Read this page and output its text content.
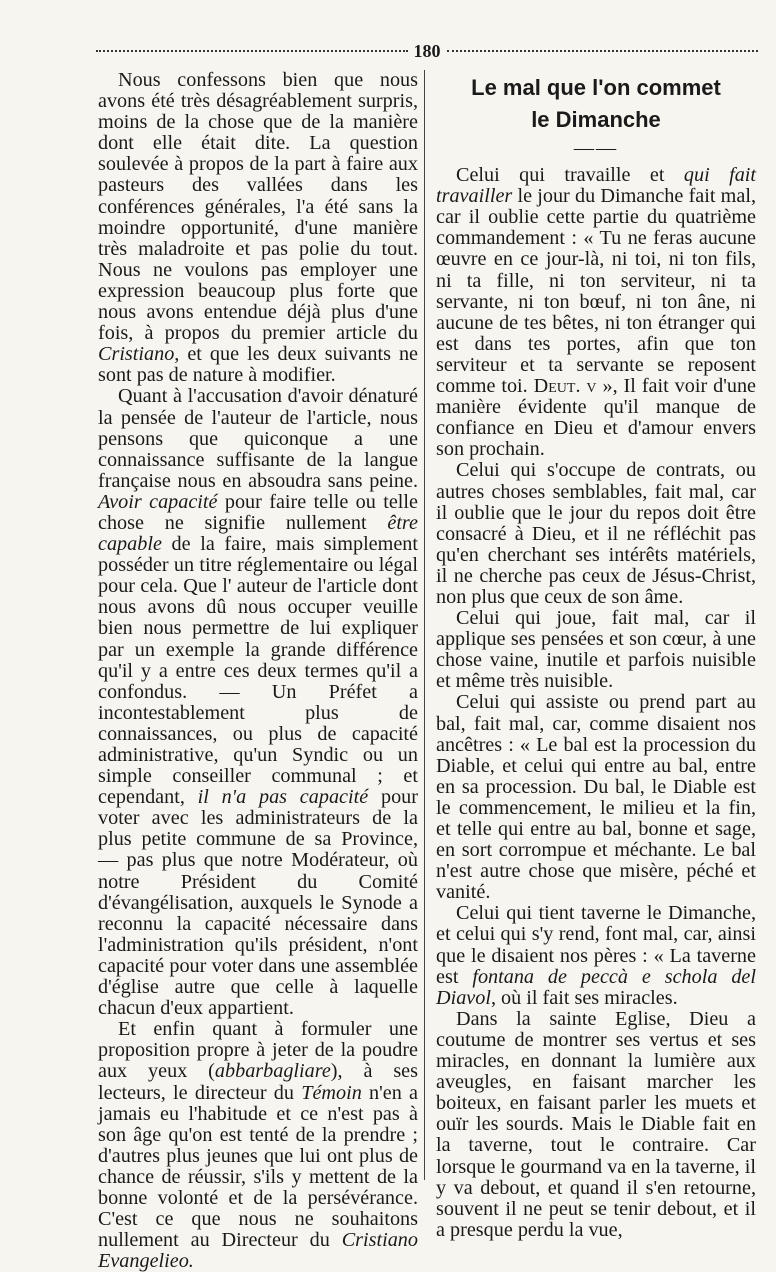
180

Nous confessons bien que nous avons été très désagréablement surpris, moins de la chose que de la manière dont elle était dite. La question soulevée à propos de la part à faire aux pasteurs des vallées dans les conférences générales, l'a été sans la moindre opportunité, d'une manière très maladroite et pas polie du tout. Nous ne voulons pas employer une expression beaucoup plus forte que nous avons entendue déjà plus d'une fois, à propos du premier article du Cristiano, et que les deux suivants ne sont pas de nature à modifier.

Quant à l'accusation d'avoir dénaturé la pensée de l'auteur de l'article, nous pensons que quiconque a une connaissance suffisante de la langue française nous en absoudra sans peine. Avoir capacité pour faire telle ou telle chose ne signifie nullement être capable de la faire, mais simplement posséder un titre réglementaire ou légal pour cela. Que l' auteur de l'article dont nous avons dû nous occuper veuille bien nous permettre de lui expliquer par un exemple la grande différence qu'il y a entre ces deux termes qu'il a confondus. — Un Préfet a incontestablement plus de connaissances, ou plus de capacité administrative, qu'un Syndic ou un simple conseiller communal ; et cependant, il n'a pas capacité pour voter avec les administrateurs de la plus petite commune de sa Province, — pas plus que notre Modérateur, où notre Président du Comité d'évangélisation, auxquels le Synode a reconnu la capacité nécessaire dans l'administration qu'ils président, n'ont capacité pour voter dans une assemblée d'église autre que celle à laquelle chacun d'eux appartient.

Et enfin quant à formuler une proposition propre à jeter de la poudre aux yeux (abbarbagliare), à ses lecteurs, le directeur du Témoin n'en a jamais eu l'habitude et ce n'est pas à son âge qu'on est tenté de la prendre ; d'autres plus jeunes que lui ont plus de chance de réussir, s'ils y mettent de la bonne volonté et de la persévérance. C'est ce que nous ne souhaitons nullement au Directeur du Cristiano Evangelieo.

Le mal que l'on commet
le Dimanche
——

Celui qui travaille et qui fait travailler le jour du Dimanche fait mal, car il oublie cette partie du quatrième commandement : « Tu ne feras aucune œuvre en ce jour-là, ni toi, ni ton fils, ni ta fille, ni ton serviteur, ni ta servante, ni ton bœuf, ni ton âne, ni aucune de tes bêtes, ni ton étranger qui est dans tes portes, afin que ton serviteur et ta servante se reposent comme toi. Deut. v », Il fait voir d'une manière évidente qu'il manque de confiance en Dieu et d'amour envers son prochain.

Celui qui s'occupe de contrats, ou autres choses semblables, fait mal, car il oublie que le jour du repos doit être consacré à Dieu, et il ne réfléchit pas qu'en cherchant ses intérêts matériels, il ne cherche pas ceux de Jésus-Christ, non plus que ceux de son âme.

Celui qui joue, fait mal, car il applique ses pensées et son cœur, à une chose vaine, inutile et parfois nuisible et même très nuisible.

Celui qui assiste ou prend part au bal, fait mal, car, comme disaient nos ancêtres : « Le bal est la procession du Diable, et celui qui entre au bal, entre en sa procession. Du bal, le Diable est le commencement, le milieu et la fin, et telle qui entre au bal, bonne et sage, en sort corrompue et méchante. Le bal n'est autre chose que misère, péché et vanité.

Celui qui tient taverne le Dimanche, et celui qui s'y rend, font mal, car, ainsi que le disaient nos pères : « La taverne est fontana de peccà e schola del Diavol, où il fait ses miracles.

Dans la sainte Eglise, Dieu a coutume de montrer ses vertus et ses miracles, en donnant la lumière aux aveugles, en faisant marcher les boiteux, en faisant parler les muets et ouïr les sourds. Mais le Diable fait en la taverne, tout le contraire. Car lorsque le gourmand va en la taverne, il y va debout, et quand il s'en retourne, souvent il ne peut se tenir debout, et il a presque perdu la vue,
